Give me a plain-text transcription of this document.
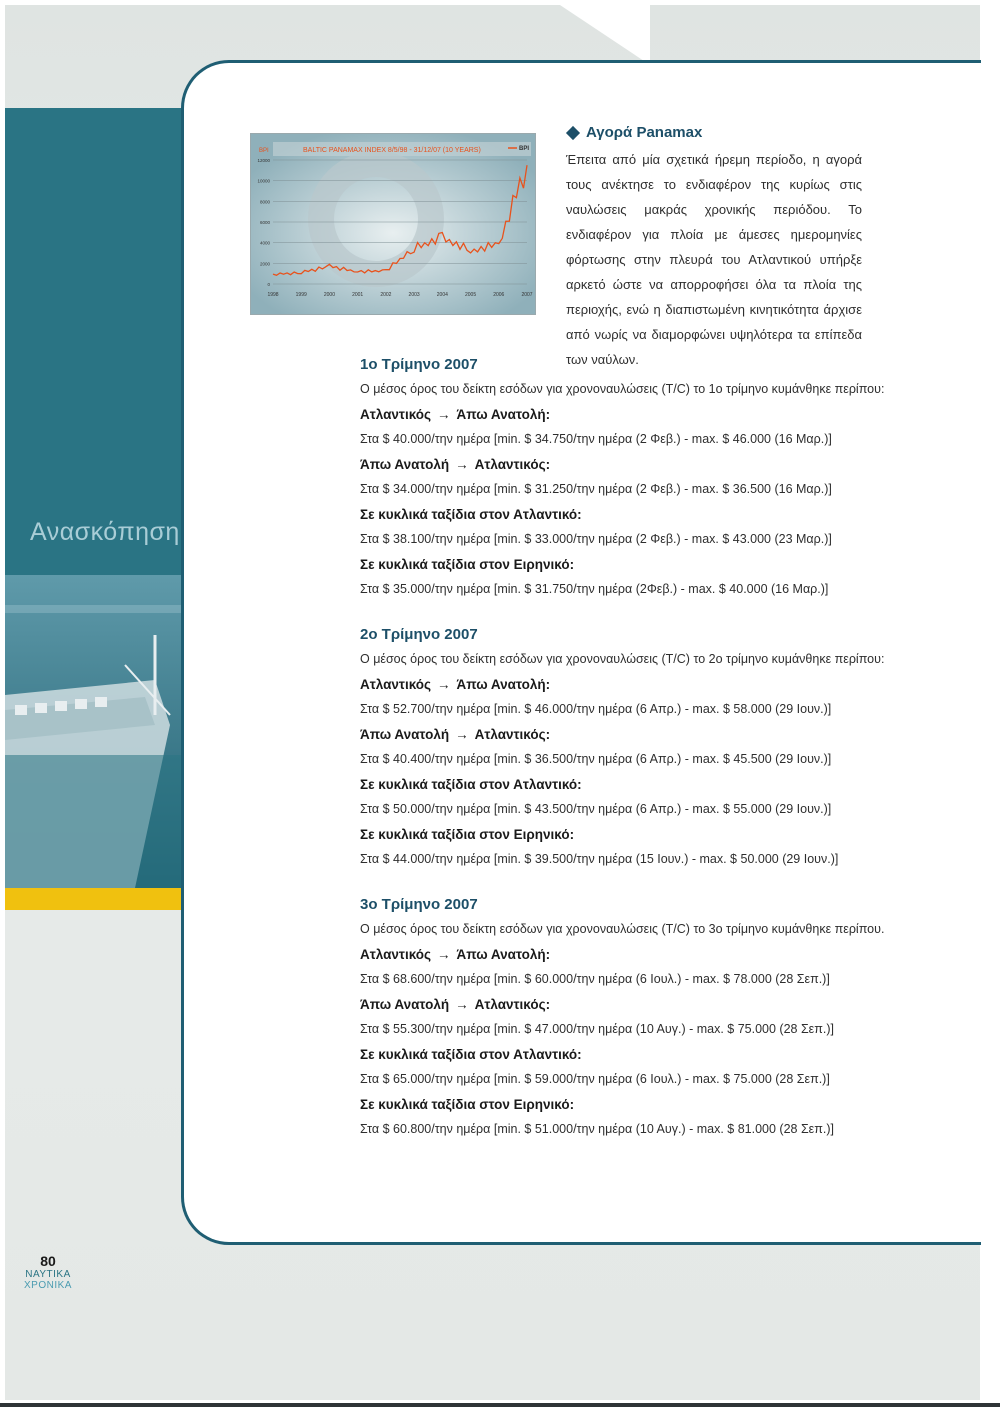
Ανασκόπηση
0
2000
4000
6000
8000
10000
12000
1998	1999	2000	2001	2002	2003	2004	2005	2006	2007
BALTIC PANAMAX INDEX 8/5/98 - 31/12/07 (10 YEARS)
BPI	BPI
Αγορά Panamax

Έπειτα από μία σχετικά ήρεμη περίοδο, η αγορά τους ανέκτησε το ενδιαφέρον της κυρίως στις ναυλώσεις μακράς χρονικής περιόδου. Το ενδιαφέρον για πλοία με άμεσες ημερομηνίες φόρτωσης στην πλευρά του Ατλαντικού υπήρξε αρκετό ώστε να απορροφήσει όλα τα πλοία της περιοχής, ενώ η διαπιστωμένη κινητικότητα άρχισε από νωρίς να διαμορφώνει υψηλότερα τα επίπεδα των ναύλων.

1ο Τρίμηνο 2007
Ο μέσος όρος του δείκτη εσόδων για χρονοναυλώσεις (Τ/C) το 1ο τρίμηνο κυμάνθηκε περίπου:
Ατλαντικός → Άπω Ανατολή:
Στα $ 40.000/την ημέρα [min. $ 34.750/την ημέρα (2 Φεβ.) - max. $ 46.000 (16 Μαρ.)]
Άπω Ανατολή → Ατλαντικός:
Στα $ 34.000/την ημέρα [min. $ 31.250/την ημέρα (2 Φεβ.) - max. $ 36.500 (16 Μαρ.)]
Σε κυκλικά ταξίδια στον Ατλαντικό:
Στα $ 38.100/την ημέρα [min. $ 33.000/την ημέρα (2 Φεβ.) - max. $ 43.000 (23 Μαρ.)]
Σε κυκλικά ταξίδια στον Ειρηνικό:
Στα $ 35.000/την ημέρα [min. $ 31.750/την ημέρα (2Φεβ.) - max. $ 40.000 (16 Μαρ.)]
2ο Τρίμηνο 2007
Ο μέσος όρος του δείκτη εσόδων για χρονοναυλώσεις (Τ/C) το 2ο τρίμηνο κυμάνθηκε περίπου:
Ατλαντικός → Άπω Ανατολή:
Στα $ 52.700/την ημέρα [min. $ 46.000/την ημέρα (6 Απρ.) - max. $ 58.000 (29 Ιουν.)]
Άπω Ανατολή → Ατλαντικός:
Στα $ 40.400/την ημέρα [min. $ 36.500/την ημέρα (6 Απρ.) - max. $ 45.500 (29 Ιουν.)]
Σε κυκλικά ταξίδια στον Ατλαντικό:
Στα $ 50.000/την ημέρα [min. $ 43.500/την ημέρα (6 Απρ.) - max. $ 55.000 (29 Ιουν.)]
Σε κυκλικά ταξίδια στον Ειρηνικό:
Στα $ 44.000/την ημέρα [min. $ 39.500/την ημέρα (15 Ιουν.) - max. $ 50.000 (29 Ιουν.)]
3ο Τρίμηνο 2007
Ο μέσος όρος του δείκτη εσόδων για χρονοναυλώσεις (Τ/C) το 3ο τρίμηνο κυμάνθηκε περίπου.
Ατλαντικός → Άπω Ανατολή:
Στα $ 68.600/την ημέρα [min. $ 60.000/την ημέρα (6 Ιουλ.) - max. $ 78.000 (28 Σεπ.)]
Άπω Ανατολή → Ατλαντικός:
Στα $ 55.300/την ημέρα [min. $ 47.000/την ημέρα (10 Αυγ.) - max. $ 75.000 (28 Σεπ.)]
Σε κυκλικά ταξίδια στον Ατλαντικό:
Στα $ 65.000/την ημέρα [min. $ 59.000/την ημέρα (6 Ιουλ.) - max. $ 75.000 (28 Σεπ.)]
Σε κυκλικά ταξίδια στον Ειρηνικό:
Στα $ 60.800/την ημέρα [min. $ 51.000/την ημέρα (10 Αυγ.) - max. $ 81.000 (28 Σεπ.)]
80
ΝΑΥΤΙΚΑ
ΧΡΟΝΙΚΑ
